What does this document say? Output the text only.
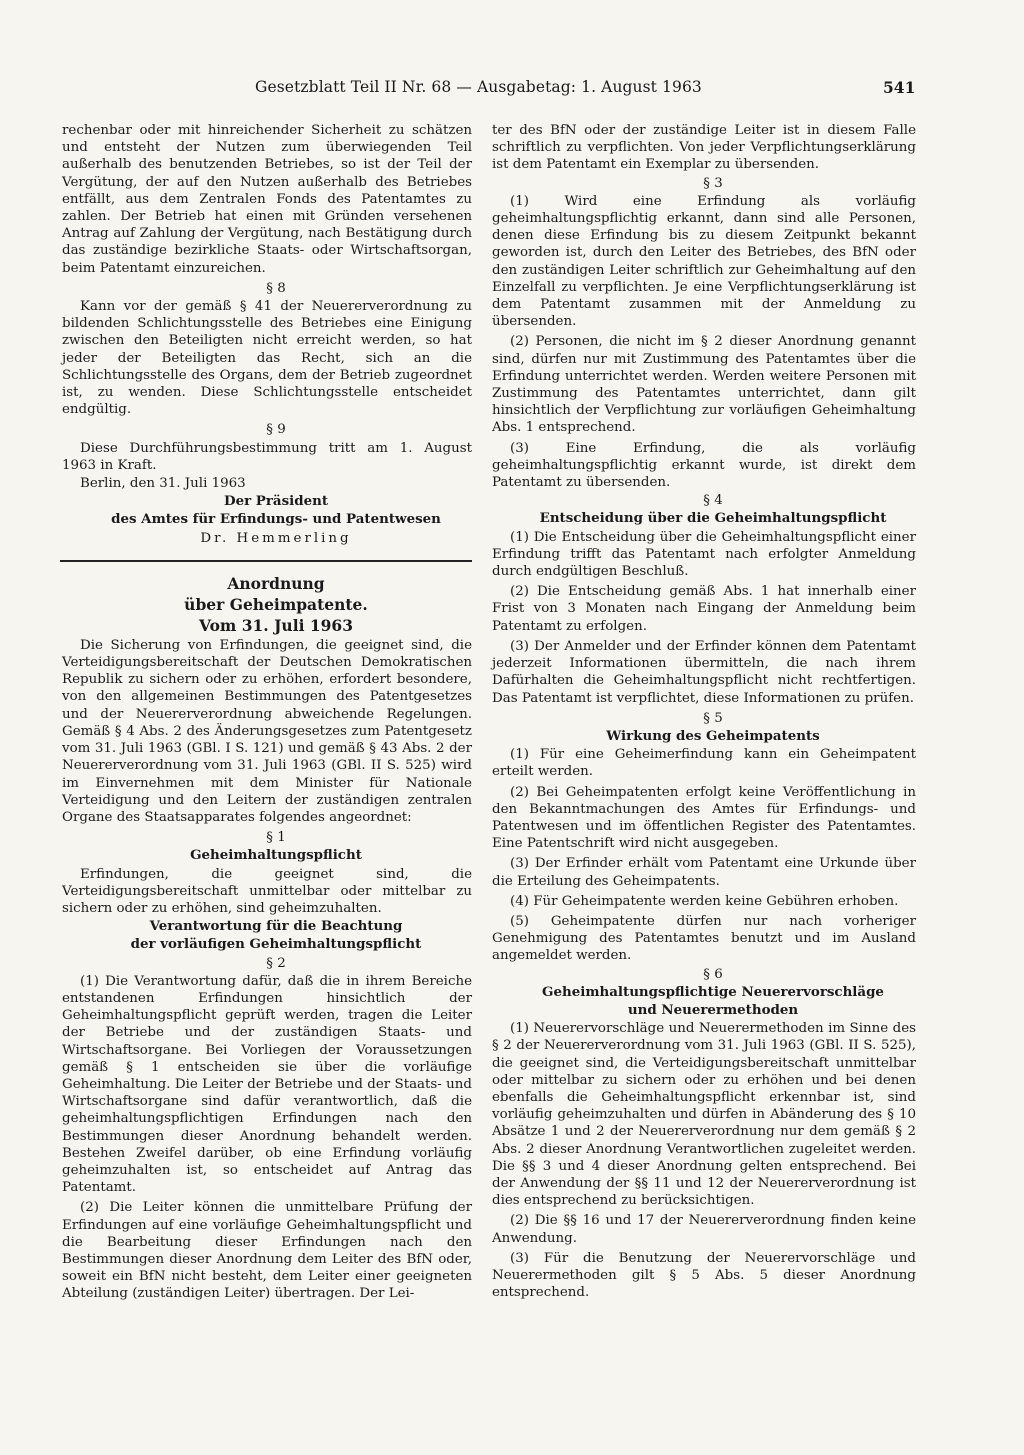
Gesetzblatt Teil II Nr. 68 — Ausgabetag: 1. August 1963	541

rechenbar oder mit hinreichender Sicherheit zu schätzen und entsteht der Nutzen zum überwiegenden Teil außerhalb des benutzenden Betriebes, so ist der Teil der Vergütung, der auf den Nutzen außerhalb des Betriebes entfällt, aus dem Zentralen Fonds des Patentamtes zu zahlen. Der Betrieb hat einen mit Gründen versehenen Antrag auf Zahlung der Vergütung, nach Bestätigung durch das zuständige bezirkliche Staats- oder Wirtschaftsorgan, beim Patentamt einzureichen.

§ 8

Kann vor der gemäß § 41 der Neuererverordnung zu bildenden Schlichtungsstelle des Betriebes eine Einigung zwischen den Beteiligten nicht erreicht werden, so hat jeder der Beteiligten das Recht, sich an die Schlichtungsstelle des Organs, dem der Betrieb zugeordnet ist, zu wenden. Diese Schlichtungsstelle entscheidet endgültig.

§ 9

Diese Durchführungsbestimmung tritt am 1. August 1963 in Kraft.

Berlin, den 31. Juli 1963

Der Präsident

des Amtes für Erfindungs- und Patentwesen

Dr. Hemmerling

Anordnung

über Geheimpatente.

Vom 31. Juli 1963

Die Sicherung von Erfindungen, die geeignet sind, die Verteidigungsbereitschaft der Deutschen Demokratischen Republik zu sichern oder zu erhöhen, erfordert besondere, von den allgemeinen Bestimmungen des Patentgesetzes und der Neuererverordnung abweichende Regelungen. Gemäß § 4 Abs. 2 des Änderungsgesetzes zum Patentgesetz vom 31. Juli 1963 (GBl. I S. 121) und gemäß § 43 Abs. 2 der Neuererverordnung vom 31. Juli 1963 (GBl. II S. 525) wird im Einvernehmen mit dem Minister für Nationale Verteidigung und den Leitern der zuständigen zentralen Organe des Staatsapparates folgendes angeordnet:

§ 1

Geheimhaltungspflicht

Erfindungen, die geeignet sind, die Verteidigungsbereitschaft unmittelbar oder mittelbar zu sichern oder zu erhöhen, sind geheimzuhalten.

Verantwortung für die Beachtung

der vorläufigen Geheimhaltungspflicht

§ 2

(1) Die Verantwortung dafür, daß die in ihrem Bereiche entstandenen Erfindungen hinsichtlich der Geheimhaltungspflicht geprüft werden, tragen die Leiter der Betriebe und der zuständigen Staats- und Wirtschaftsorgane. Bei Vorliegen der Voraussetzungen gemäß § 1 entscheiden sie über die vorläufige Geheimhaltung. Die Leiter der Betriebe und der Staats- und Wirtschaftsorgane sind dafür verantwortlich, daß die geheimhaltungspflichtigen Erfindungen nach den Bestimmungen dieser Anordnung behandelt werden. Bestehen Zweifel darüber, ob eine Erfindung vorläufig geheimzuhalten ist, so entscheidet auf Antrag das Patentamt.

(2) Die Leiter können die unmittelbare Prüfung der Erfindungen auf eine vorläufige Geheimhaltungspflicht und die Bearbeitung dieser Erfindungen nach den Bestimmungen dieser Anordnung dem Leiter des BfN oder, soweit ein BfN nicht besteht, dem Leiter einer geeigneten Abteilung (zuständigen Leiter) übertragen. Der Lei-

ter des BfN oder der zuständige Leiter ist in diesem Falle schriftlich zu verpflichten. Von jeder Verpflichtungserklärung ist dem Patentamt ein Exemplar zu übersenden.

§ 3

(1) Wird eine Erfindung als vorläufig geheimhaltungspflichtig erkannt, dann sind alle Personen, denen diese Erfindung bis zu diesem Zeitpunkt bekannt geworden ist, durch den Leiter des Betriebes, des BfN oder den zuständigen Leiter schriftlich zur Geheimhaltung auf den Einzelfall zu verpflichten. Je eine Verpflichtungserklärung ist dem Patentamt zusammen mit der Anmeldung zu übersenden.

(2) Personen, die nicht im § 2 dieser Anordnung genannt sind, dürfen nur mit Zustimmung des Patentamtes über die Erfindung unterrichtet werden. Werden weitere Personen mit Zustimmung des Patentamtes unterrichtet, dann gilt hinsichtlich der Verpflichtung zur vorläufigen Geheimhaltung Abs. 1 entsprechend.

(3) Eine Erfindung, die als vorläufig geheimhaltungspflichtig erkannt wurde, ist direkt dem Patentamt zu übersenden.

§ 4

Entscheidung über die Geheimhaltungspflicht

(1) Die Entscheidung über die Geheimhaltungspflicht einer Erfindung trifft das Patentamt nach erfolgter Anmeldung durch endgültigen Beschluß.

(2) Die Entscheidung gemäß Abs. 1 hat innerhalb einer Frist von 3 Monaten nach Eingang der Anmeldung beim Patentamt zu erfolgen.

(3) Der Anmelder und der Erfinder können dem Patentamt jederzeit Informationen übermitteln, die nach ihrem Dafürhalten die Geheimhaltungspflicht nicht rechtfertigen. Das Patentamt ist verpflichtet, diese Informationen zu prüfen.

§ 5

Wirkung des Geheimpatents

(1) Für eine Geheimerfindung kann ein Geheimpatent erteilt werden.

(2) Bei Geheimpatenten erfolgt keine Veröffentlichung in den Bekanntmachungen des Amtes für Erfindungs- und Patentwesen und im öffentlichen Register des Patentamtes. Eine Patentschrift wird nicht ausgegeben.

(3) Der Erfinder erhält vom Patentamt eine Urkunde über die Erteilung des Geheimpatents.

(4) Für Geheimpatente werden keine Gebühren erhoben.

(5) Geheimpatente dürfen nur nach vorheriger Genehmigung des Patentamtes benutzt und im Ausland angemeldet werden.

§ 6

Geheimhaltungspflichtige Neuerervorschläge

und Neuerermethoden

(1) Neuerervorschläge und Neuerermethoden im Sinne des § 2 der Neuererverordnung vom 31. Juli 1963 (GBl. II S. 525), die geeignet sind, die Verteidigungsbereitschaft unmittelbar oder mittelbar zu sichern oder zu erhöhen und bei denen ebenfalls die Geheimhaltungspflicht erkennbar ist, sind vorläufig geheimzuhalten und dürfen in Abänderung des § 10 Absätze 1 und 2 der Neuererverordnung nur dem gemäß § 2 Abs. 2 dieser Anordnung Verantwortlichen zugeleitet werden. Die §§ 3 und 4 dieser Anordnung gelten entsprechend. Bei der Anwendung der §§ 11 und 12 der Neuererverordnung ist dies entsprechend zu berücksichtigen.

(2) Die §§ 16 und 17 der Neuererverordnung finden keine Anwendung.

(3) Für die Benutzung der Neuerervorschläge und Neuerermethoden gilt § 5 Abs. 5 dieser Anordnung entsprechend.
